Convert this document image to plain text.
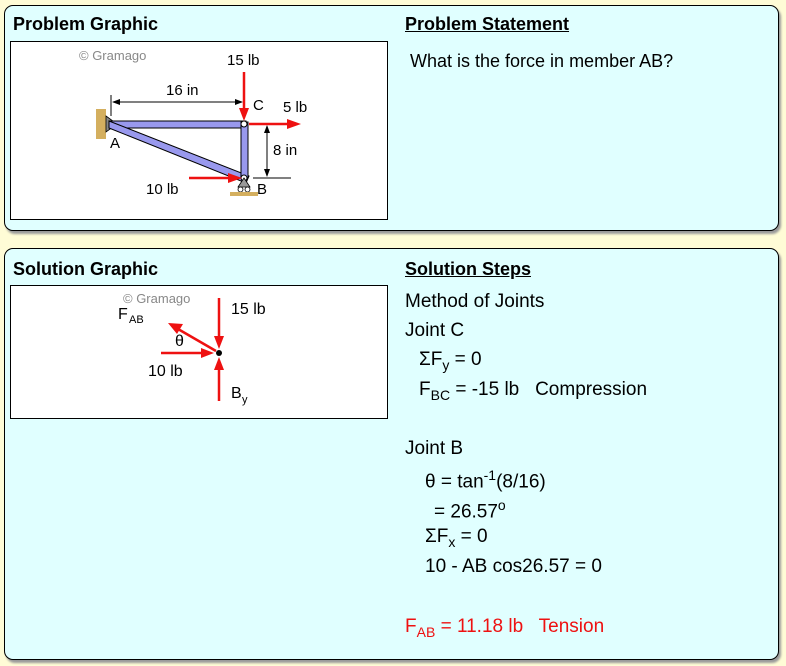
Problem Graphic	Problem Statement
What is the force in member AB?
© Gramago
16 in
8 in
15 lb
5 lb
10 lb
A
B
C
Solution Graphic	Solution Steps
© Gramago
F AB
15 lb
10 lb
θ
B y
Method of Joints
Joint C
$\Sigma F_y = 0$
$F_{BC} = -15$ lb   Compression
Joint B
$\theta = \tan^{-1}(8/16)$
= $26.57^o$
$\Sigma F_x = 0$
10 - AB cos26.57 = 0
$F_{AB} = 11.18$ lb   Tension
